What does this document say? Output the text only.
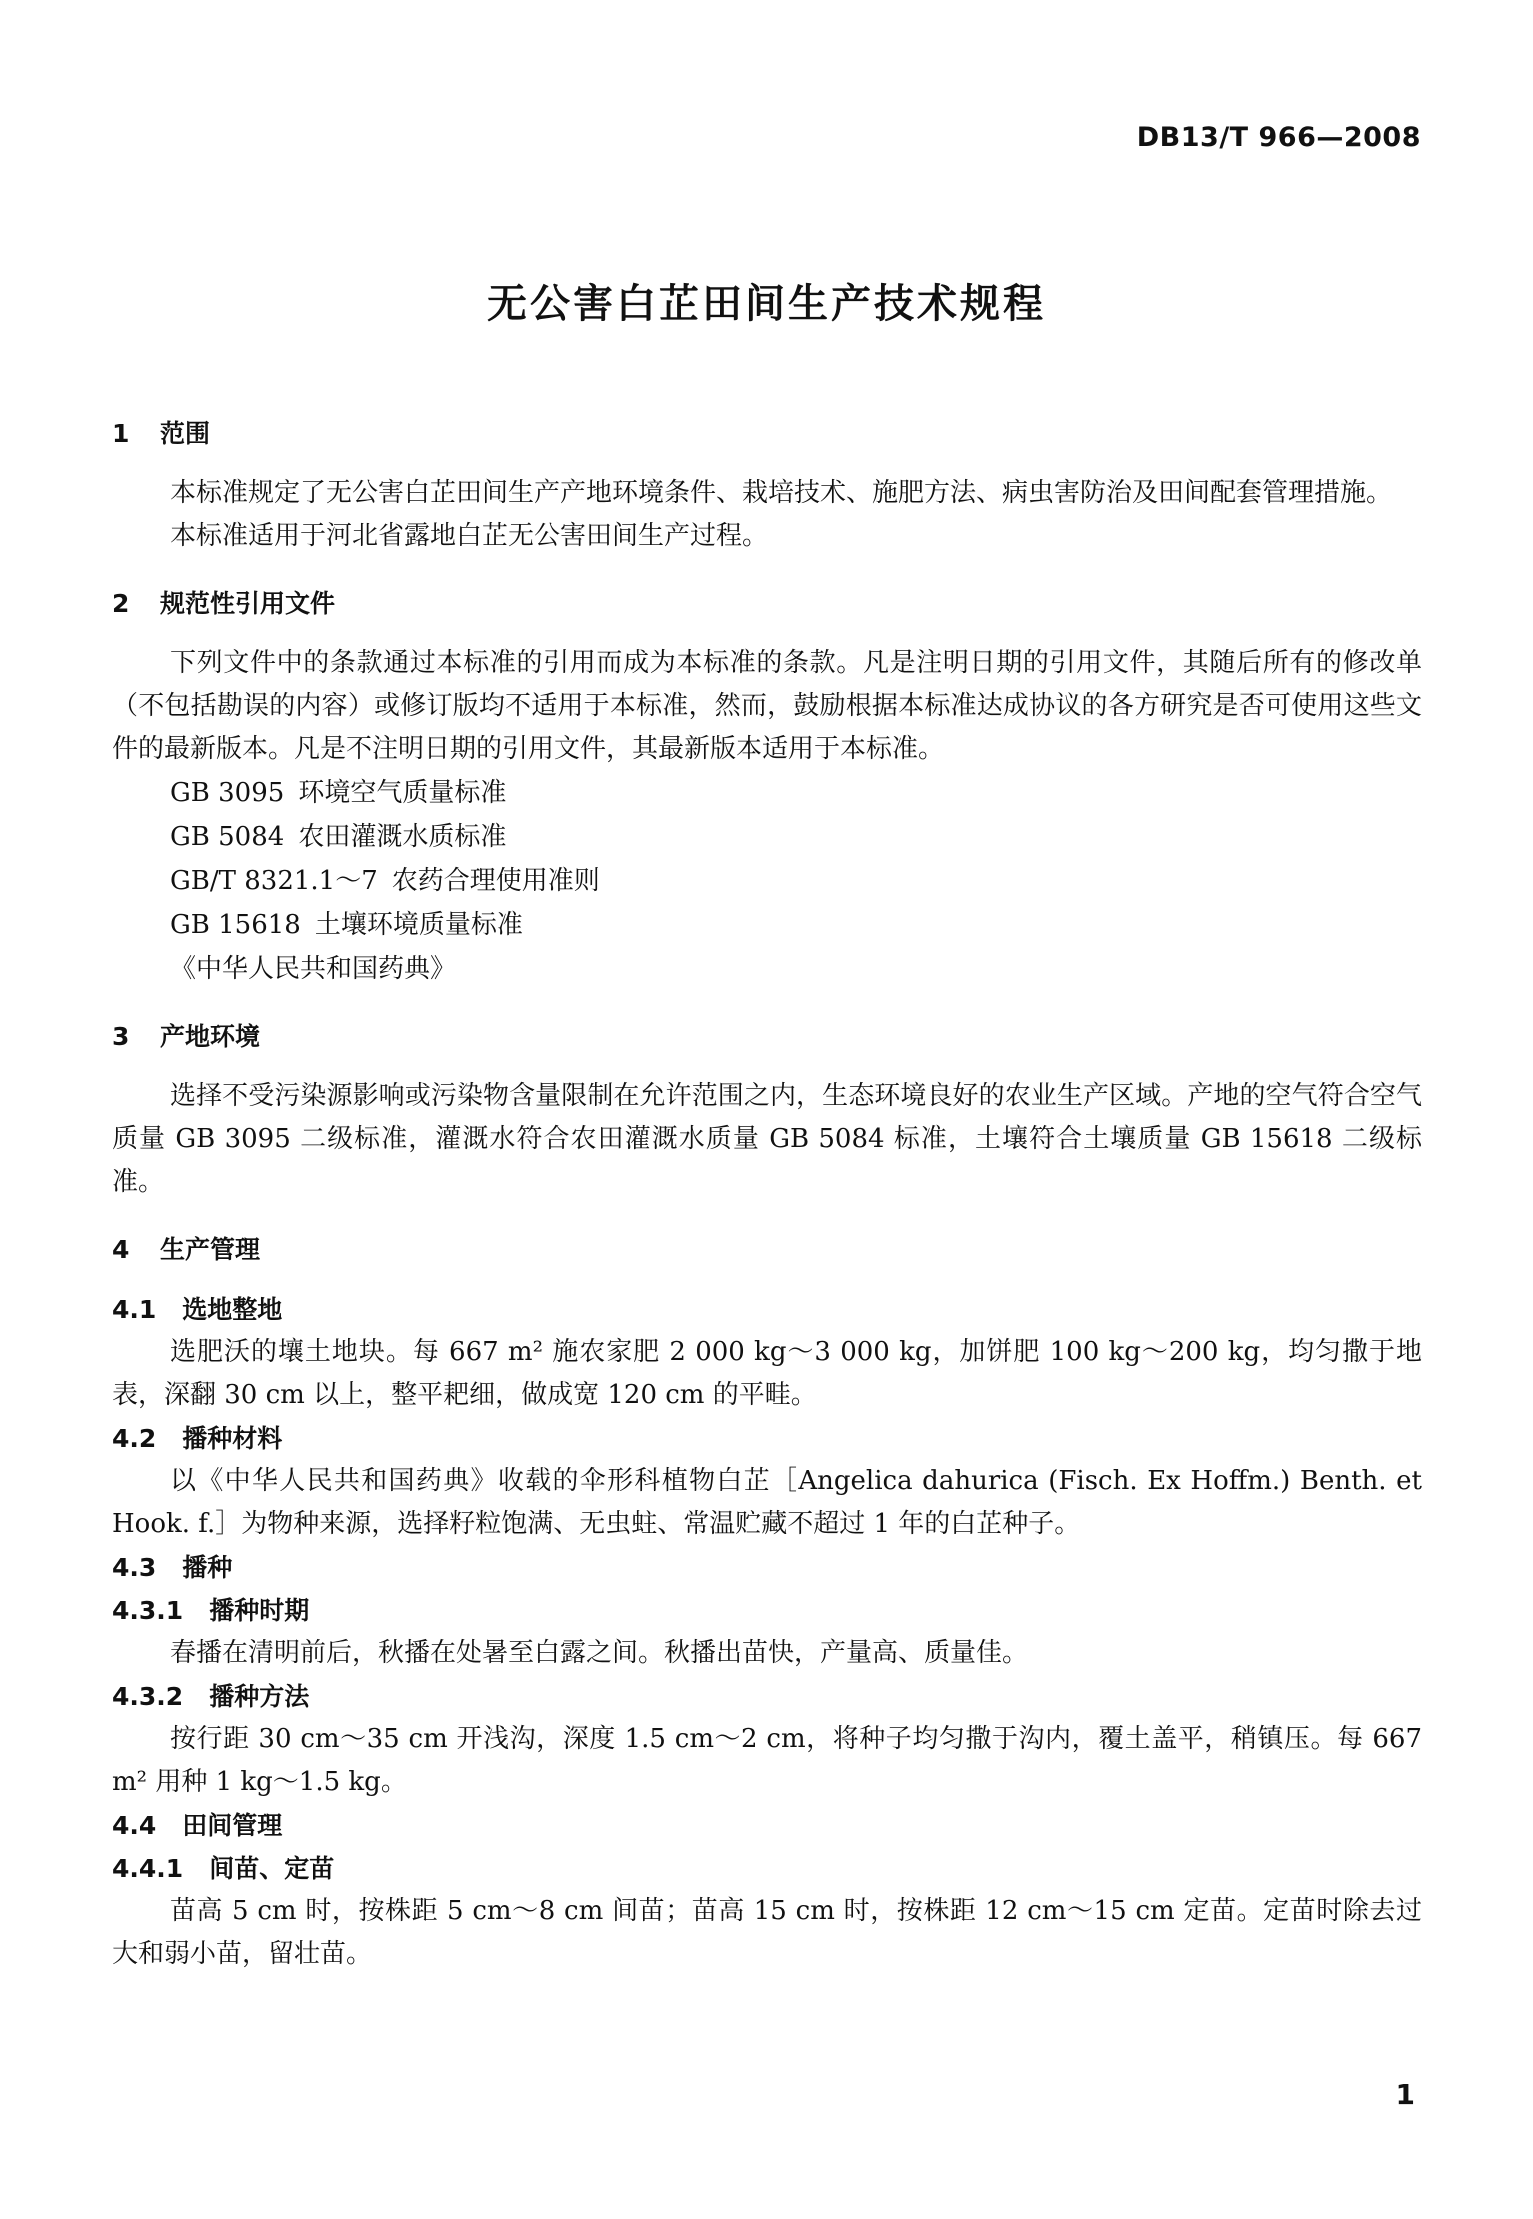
DB13/T 966—2008
无公害白芷田间生产技术规程
1 范围

本标准规定了无公害白芷田间生产产地环境条件、栽培技术、施肥方法、病虫害防治及田间配套管理措施。

本标准适用于河北省露地白芷无公害田间生产过程。

2 规范性引用文件

下列文件中的条款通过本标准的引用而成为本标准的条款。凡是注明日期的引用文件，其随后所有的修改单（不包括勘误的内容）或修订版均不适用于本标准，然而，鼓励根据本标准达成协议的各方研究是否可使用这些文件的最新版本。凡是不注明日期的引用文件，其最新版本适用于本标准。

GB 3095 环境空气质量标准
GB 5084 农田灌溉水质标准
GB/T 8321.1～7 农药合理使用准则
GB 15618 土壤环境质量标准
《中华人民共和国药典》
3 产地环境

选择不受污染源影响或污染物含量限制在允许范围之内，生态环境良好的农业生产区域。产地的空气符合空气质量 GB 3095 二级标准，灌溉水符合农田灌溉水质量 GB 5084 标准，土壤符合土壤质量 GB 15618 二级标准。

4 生产管理
4.1 选地整地

选肥沃的壤土地块。每 667 m² 施农家肥 2 000 kg～3 000 kg，加饼肥 100 kg～200 kg，均匀撒于地表，深翻 30 cm 以上，整平耙细，做成宽 120 cm 的平畦。

4.2 播种材料

以《中华人民共和国药典》收载的伞形科植物白芷［Angelica dahurica (Fisch. Ex Hoffm.) Benth. et Hook. f.］为物种来源，选择籽粒饱满、无虫蛀、常温贮藏不超过 1 年的白芷种子。

4.3 播种
4.3.1 播种时期

春播在清明前后，秋播在处暑至白露之间。秋播出苗快，产量高、质量佳。

4.3.2 播种方法

按行距 30 cm～35 cm 开浅沟，深度 1.5 cm～2 cm，将种子均匀撒于沟内，覆土盖平，稍镇压。每 667 m² 用种 1 kg～1.5 kg。

4.4 田间管理
4.4.1 间苗、定苗

苗高 5 cm 时，按株距 5 cm～8 cm 间苗；苗高 15 cm 时，按株距 12 cm～15 cm 定苗。定苗时除去过大和弱小苗，留壮苗。

1
